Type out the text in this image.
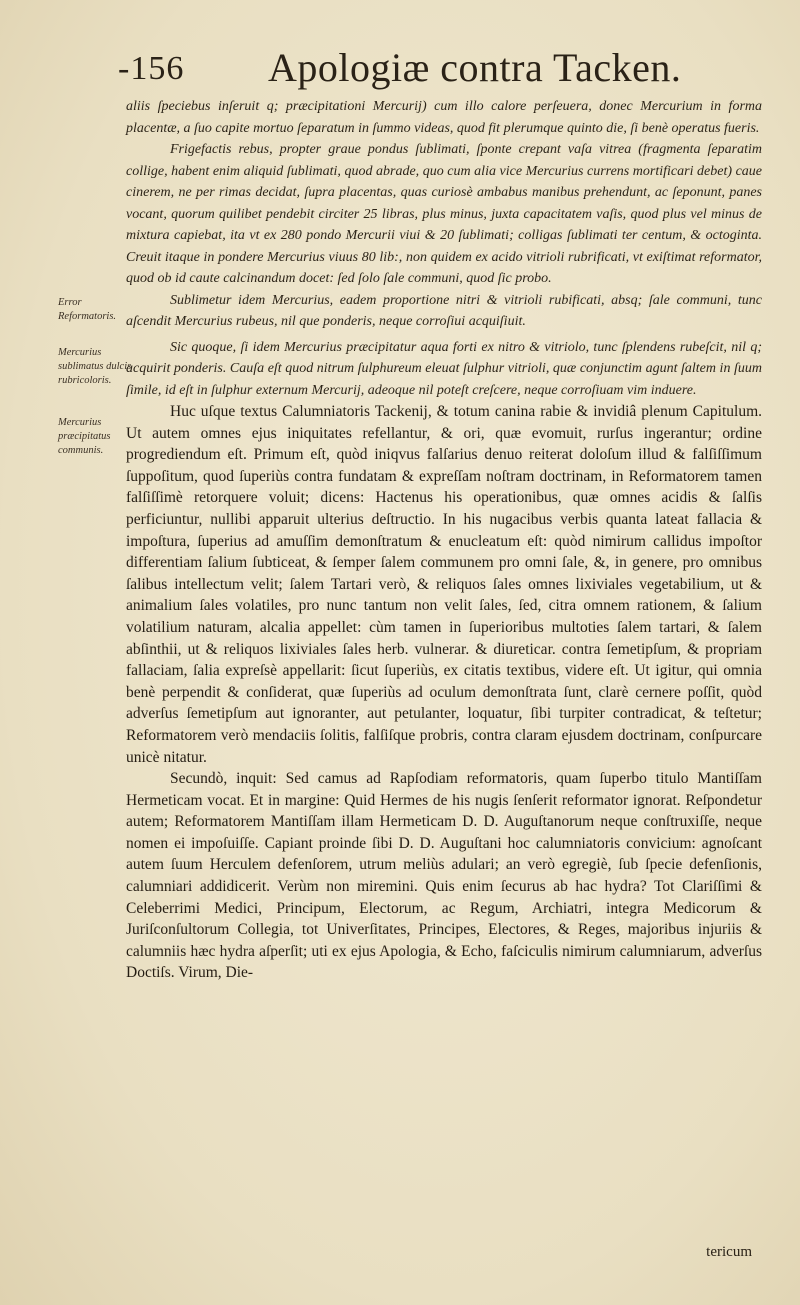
-156 Apologiæ contra Tacken.
Error Reformatoris.
Mercurius sublimatus dulcis rubricoloris.
Mercurius præcipitatus communis.

aliis ſpeciebus inſeruit q; præcipitationi Mercurij) cum illo calore perſeuera, donec Mercurium in forma placentæ, a ſuo capite mortuo ſeparatum in ſummo videas, quod fit plerumque quinto die, ſi benè operatus fueris.

Frigefactis rebus, propter graue pondus ſublimati, ſponte crepant vaſa vitrea (fragmenta ſeparatim collige, habent enim aliquid ſublimati, quod abrade, quo cum alia vice Mercurius currens mortificari debet) caue cinerem, ne per rimas decidat, ſupra placentas, quas curiosè ambabus manibus prehendunt, ac ſeponunt, panes vocant, quorum quilibet pendebit circiter 25 libras, plus minus, juxta capacitatem vaſis, quod plus vel minus de mixtura capiebat, ita vt ex 280 pondo Mercurii viui & 20 ſublimati; colligas ſublimati ter centum, & octoginta. Creuit itaque in pondere Mercurius viuus 80 lib:, non quidem ex acido vitrioli rubrificati, vt exiſtimat reformator, quod ob id caute calcinandum docet: ſed ſolo ſale communi, quod ſic probo.

Sublimetur idem Mercurius, eadem proportione nitri & vitrioli rubificati, absq; ſale communi, tunc aſcendit Mercurius rubeus, nil que ponderis, neque corroſiui acquiſiuit.

Sic quoque, ſi idem Mercurius præcipitatur aqua forti ex nitro & vitriolo, tunc ſplendens rubeſcit, nil q; acquirit ponderis. Cauſa eſt quod nitrum ſulphureum eleuat ſulphur vitrioli, quæ conjunctim agunt ſaltem in ſuum ſimile, id eſt in ſulphur externum Mercurij, adeoque nil poteſt creſcere, neque corroſiuam vim induere.

Huc uſque textus Calumniatoris Tackenij, & totum canina rabie & invidiâ plenum Capitulum. Ut autem omnes ejus iniquitates refellantur, & ori, quæ evomuit, rurſus ingerantur; ordine progrediendum eſt. Primum eſt, quòd iniqvus falſarius denuo reiterat doloſum illud & falſiſſimum ſuppoſitum, quod ſuperiùs contra fundatam & expreſſam noſtram doctrinam, in Reformatorem tamen falſiſſimè retorquere voluit; dicens: Hactenus his operationibus, quæ omnes acidis & ſalſis perficiuntur, nullibi apparuit ulterius deſtructio. In his nugacibus verbis quanta lateat fallacia & impoſtura, ſuperius ad amuſſim demonſtratum & enucleatum eſt: quòd nimirum callidus impoſtor differentiam ſalium ſubticeat, & ſemper ſalem communem pro omni ſale, &, in genere, pro omnibus ſalibus intellectum velit; ſalem Tartari verò, & reliquos ſales omnes lixiviales vegetabilium, ut & animalium ſales volatiles, pro nunc tantum non velit ſales, ſed, citra omnem rationem, & ſalium volatilium naturam, alcalia appellet: cùm tamen in ſuperioribus multoties ſalem tartari, & ſalem abſinthii, ut & reliquos lixiviales ſales herb. vulnerar. & diureticar. contra ſemetipſum, & propriam fallaciam, ſalia expreſsè appellarit: ſicut ſuperiùs, ex citatis textibus, videre eſt. Ut igitur, qui omnia benè perpendit & conſiderat, quæ ſuperiùs ad oculum demonſtrata ſunt, clarè cernere poſſit, quòd adverſus ſemetipſum aut ignoranter, aut petulanter, loquatur, ſibi turpiter contradicat, & teſtetur; Reformatorem verò mendaciis ſolitis, falſiſque probris, contra claram ejusdem doctrinam, conſpurcare unicè nitatur.

Secundò, inquit: Sed camus ad Rapſodiam reformatoris, quam ſuperbo titulo Mantiſſam Hermeticam vocat. Et in margine: Quid Hermes de his nugis ſenſerit reformator ignorat. Reſpondetur autem; Reformatorem Mantiſſam illam Hermeticam D. D. Auguſtanorum neque conſtruxiſſe, neque nomen ei impoſuiſſe. Capiant proinde ſibi D. D. Auguſtani hoc calumniatoris convicium: agnoſcant autem ſuum Herculem defenſorem, utrum meliùs adulari; an verò egregiè, ſub ſpecie defenſionis, calumniari addidicerit. Verùm non miremini. Quis enim ſecurus ab hac hydra? Tot Clariſſimi & Celeberrimi Medici, Principum, Electorum, ac Regum, Archiatri, integra Medicorum & Juriſconſultorum Collegia, tot Univerſitates, Principes, Electores, & Reges, majoribus injuriis & calumniis hæc hydra aſperſit; uti ex ejus Apologia, & Echo, faſciculis nimirum calumniarum, adverſus Doctiſs. Virum, Die-

tericum
